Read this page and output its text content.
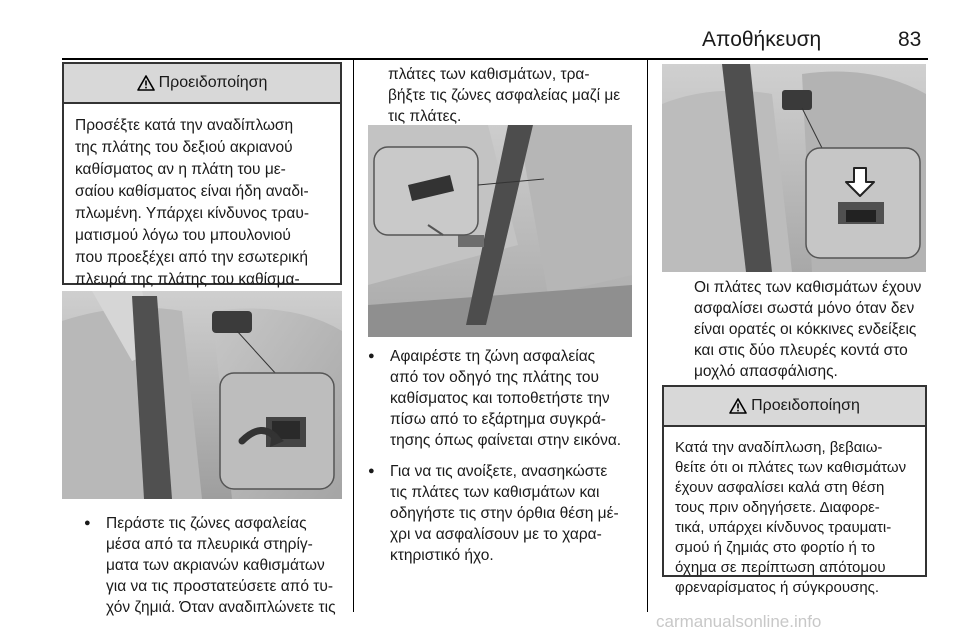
Αποθήκευση	83
Προειδοποίηση
Προσέξτε κατά την αναδίπλωση
της πλάτης του δεξιού ακριανού
καθίσματος αν η πλάτη του με-
σαίου καθίσματος είναι ήδη αναδι-
πλωμένη. Υπάρχει κίνδυνος τραυ-
ματισμού λόγω του μπουλονιού
που προεξέχει από την εσωτερική
πλευρά της πλάτης του καθίσμα-
● Περάστε τις ζώνες ασφαλείας
μέσα από τα πλευρικά στηρίγ-
ματα των ακριανών καθισμάτων
για να τις προστατεύσετε από τυ-
χόν ζημιά. Όταν αναδιπλώνετε τις
πλάτες των καθισμάτων, τρα-
βήξτε τις ζώνες ασφαλείας μαζί με
τις πλάτες.
● Αφαιρέστε τη ζώνη ασφαλείας
από τον οδηγό της πλάτης του
καθίσματος και τοποθετήστε την
πίσω από το εξάρτημα συγκρά-
τησης όπως φαίνεται στην εικόνα.
● Για να τις ανοίξετε, ανασηκώστε
τις πλάτες των καθισμάτων και
οδηγήστε τις στην όρθια θέση μέ-
χρι να ασφαλίσουν με το χαρα-
κτηριστικό ήχο.
Οι πλάτες των καθισμάτων έχουν
ασφαλίσει σωστά μόνο όταν δεν
είναι ορατές οι κόκκινες ενδείξεις
και στις δύο πλευρές κοντά στο
μοχλό απασφάλισης.
Προειδοποίηση
Κατά την αναδίπλωση, βεβαιω-
θείτε ότι οι πλάτες των καθισμάτων
έχουν ασφαλίσει καλά στη θέση
τους πριν οδηγήσετε. Διαφορε-
τικά, υπάρχει κίνδυνος τραυματι-
σμού ή ζημιάς στο φορτίο ή το
όχημα σε περίπτωση απότομου
φρεναρίσματος ή σύγκρουσης.
carmanualsonline.info
